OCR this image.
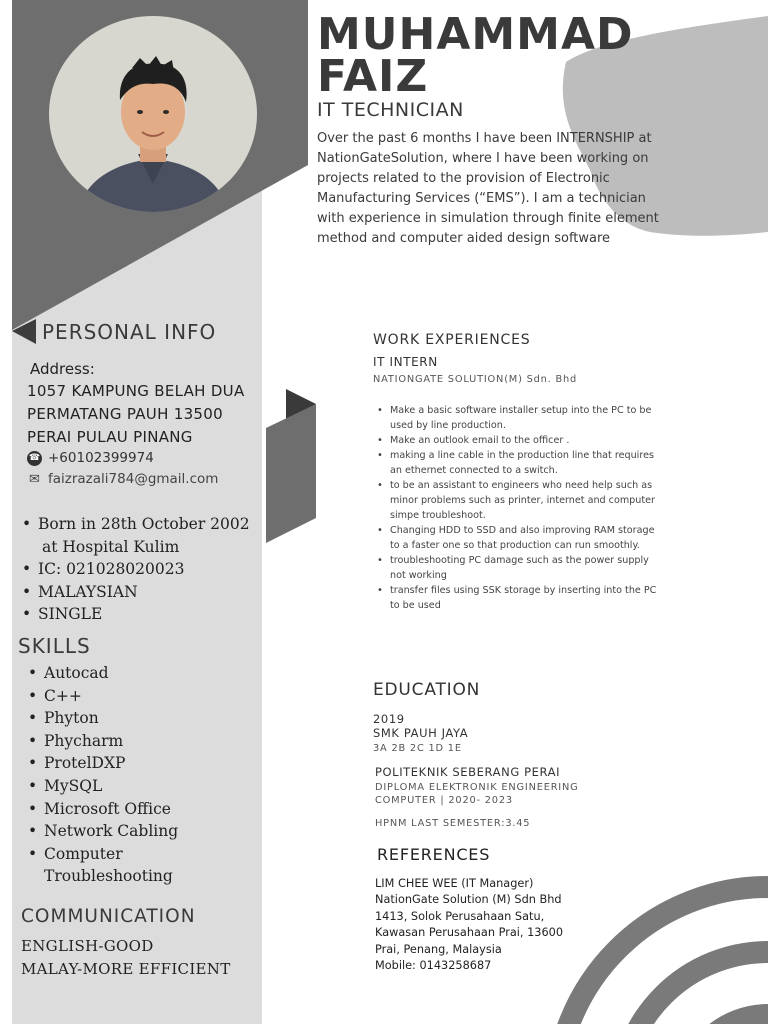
MUHAMMAD
FAIZ
IT TECHNICIAN
Over the past 6 months I have been INTERNSHIP at NationGateSolution, where I have been working on projects related to the provision of Electronic Manufacturing Services (“EMS”). I am a technician with experience in simulation through finite element method and computer aided design software
PERSONAL INFO
Address:
1057 KAMPUNG BELAH DUA
PERMATANG PAUH 13500
PERAI PULAU PINANG
☎ +60102399974
✉ faizrazali784@gmail.com
• Born in 28th October 2002
at Hospital Kulim
• IC: 021028020023
• MALAYSIAN
• SINGLE
SKILLS
• Autocad
• C++
• Phyton
• Phycharm
• ProtelDXP
• MySQL
• Microsoft Office
• Network Cabling
• Computer
Troubleshooting
COMMUNICATION
ENGLISH-GOOD
MALAY-MORE EFFICIENT
WORK EXPERIENCES
IT INTERN
NATIONGATE SOLUTION(M) Sdn. Bhd
• Make a basic software installer setup into the PC to be used by line production.
• Make an outlook email to the officer .
• making a line cable in the production line that requires an ethernet connected to a switch.
• to be an assistant to engineers who need help such as minor problems such as printer, internet and computer simpe troubleshoot.
• Changing HDD to SSD and also improving RAM storage to a faster one so that production can run smoothly.
• troubleshooting PC damage such as the power supply not working
• transfer files using SSK storage by inserting into the PC to be used
EDUCATION
2019
SMK PAUH JAYA
3A 2B 2C 1D 1E
POLITEKNIK SEBERANG PERAI
DIPLOMA ELEKTRONIK ENGINEERING
COMPUTER | 2020- 2023
HPNM LAST SEMESTER:3.45
REFERENCES
LIM CHEE WEE (IT Manager)
NationGate Solution (M) Sdn Bhd
1413, Solok Perusahaan Satu,
Kawasan Perusahaan Prai, 13600
Prai, Penang, Malaysia
Mobile: 0143258687
